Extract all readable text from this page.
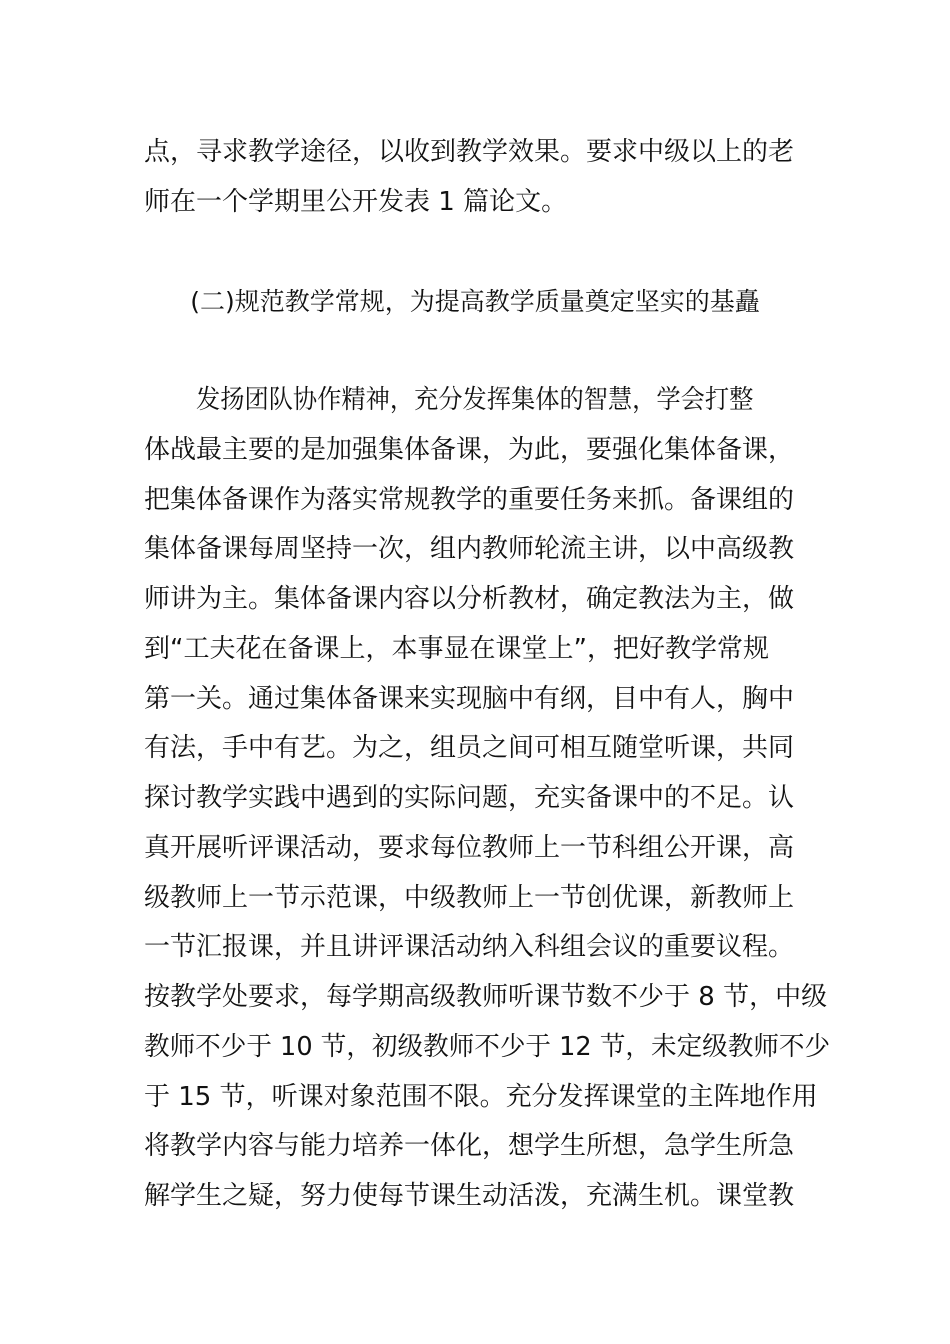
点，寻求教学途径，以收到教学效果。要求中级以上的老
师在一个学期里公开发表 1 篇论文。
(二)规范教学常规，为提高教学质量奠定坚实的基矗
发扬团队协作精神，充分发挥集体的智慧，学会打整
体战最主要的是加强集体备课，为此，要强化集体备课，
把集体备课作为落实常规教学的重要任务来抓。备课组的
集体备课每周坚持一次，组内教师轮流主讲，以中高级教
师讲为主。集体备课内容以分析教材，确定教法为主，做
到“工夫花在备课上，本事显在课堂上”，把好教学常规
第一关。通过集体备课来实现脑中有纲，目中有人，胸中
有法，手中有艺。为之，组员之间可相互随堂听课，共同
探讨教学实践中遇到的实际问题，充实备课中的不足。认
真开展听评课活动，要求每位教师上一节科组公开课，高
级教师上一节示范课，中级教师上一节创优课，新教师上
一节汇报课，并且讲评课活动纳入科组会议的重要议程。
按教学处要求，每学期高级教师听课节数不少于 8 节，中级
教师不少于 10 节，初级教师不少于 12 节，未定级教师不少
于 15 节，听课对象范围不限。充分发挥课堂的主阵地作用
将教学内容与能力培养一体化，想学生所想，急学生所急
解学生之疑，努力使每节课生动活泼，充满生机。课堂教
